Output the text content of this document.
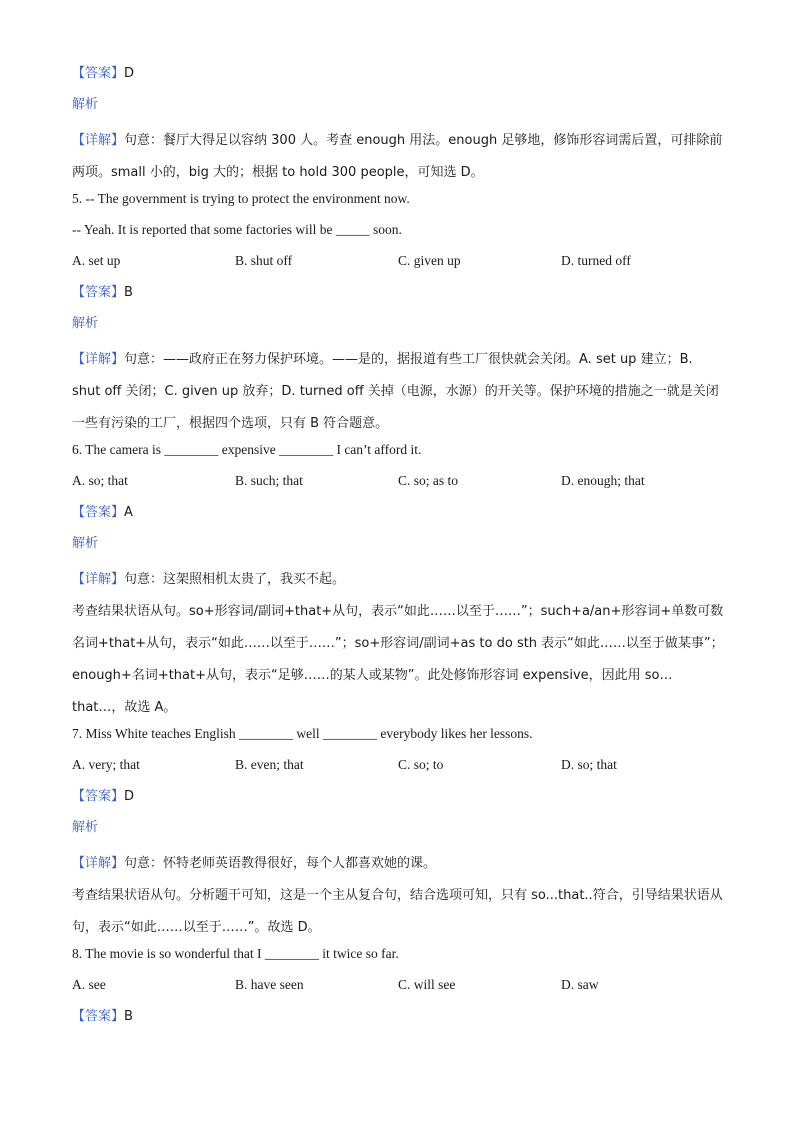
【答案】D
解析
【详解】句意：餐厅大得足以容纳 300 人。考查 enough 用法。enough 足够地，修饰形容词需后置，可排除前两项。small 小的，big 大的；根据 to hold 300 people，可知选 D。
5. -- The government is trying to protect the environment now.
-- Yeah. It is reported that some factories will be _____ soon.
A. set up	B. shut off	C. given up	D. turned off
【答案】B
解析
【详解】句意：——政府正在努力保护环境。——是的，据报道有些工厂很快就会关闭。A. set up 建立；B. shut off 关闭；C. given up 放弃；D. turned off 关掉（电源，水源）的开关等。保护环境的措施之一就是关闭一些有污染的工厂，根据四个选项，只有 B 符合题意。
6. The camera is ________ expensive ________ I can’t afford it.
A. so; that	B. such; that	C. so; as to	D. enough; that
【答案】A
解析
【详解】句意：这架照相机太贵了，我买不起。
考查结果状语从句。so+形容词/副词+that+从句，表示“如此……以至于……”；such+a/an+形容词+单数可数名词+that+从句，表示“如此……以至于……”；so+形容词/副词+as to do sth 表示“如此……以至于做某事”；enough+名词+that+从句，表示“足够……的某人或某物”。此处修饰形容词 expensive，因此用 so…that…，故选 A。
7. Miss White teaches English ________ well ________ everybody likes her lessons.
A. very; that	B. even; that	C. so; to	D. so; that
【答案】D
解析
【详解】句意：怀特老师英语教得很好，每个人都喜欢她的课。
考查结果状语从句。分析题干可知，这是一个主从复合句，结合选项可知，只有 so...that..符合，引导结果状语从句，表示“如此……以至于……”。故选 D。
8. The movie is so wonderful that I ________ it twice so far.
A. see	B. have seen	C. will see	D. saw
【答案】B
